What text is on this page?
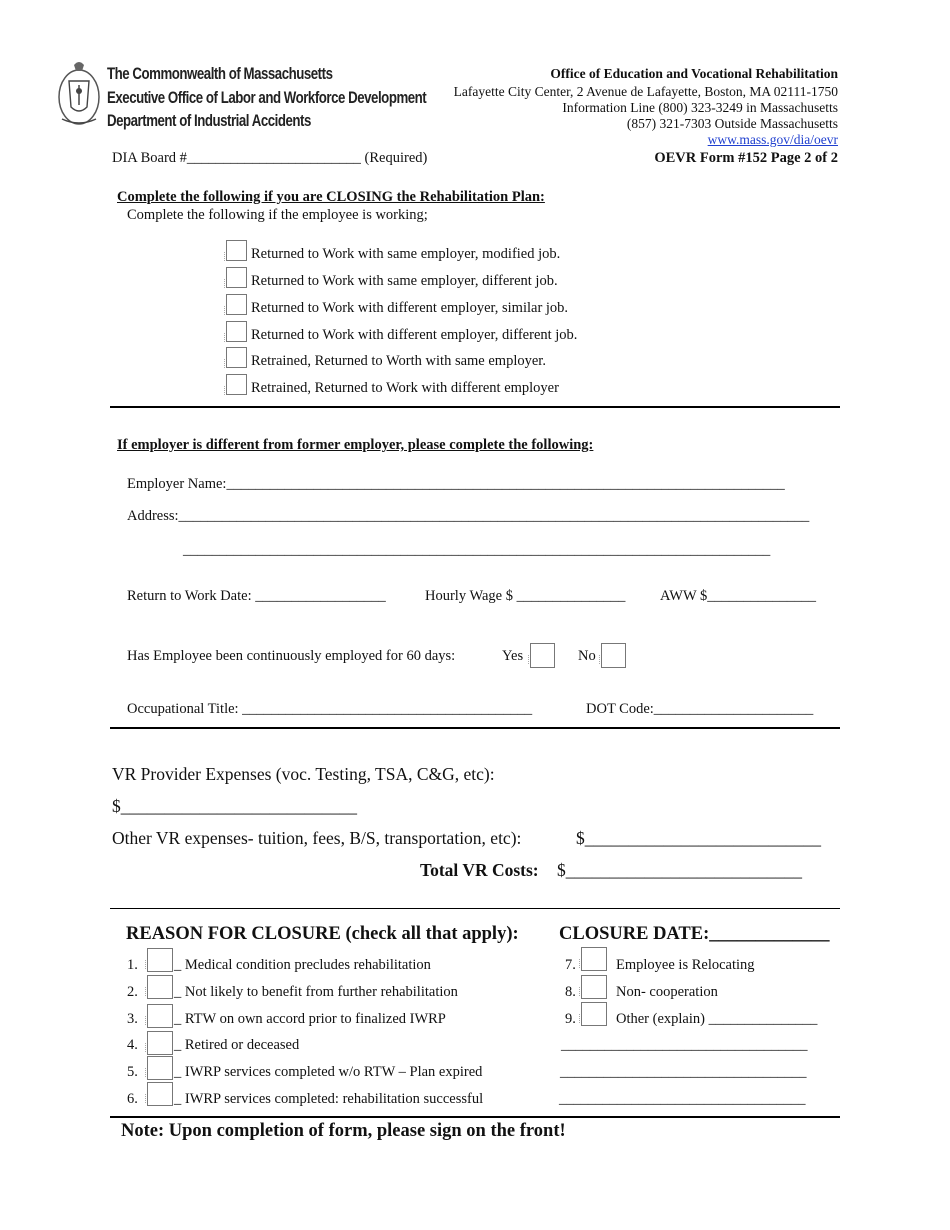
The Commonwealth of Massachusetts
Executive Office of Labor and Workforce Development
Department of Industrial Accidents
Office of Education and Vocational Rehabilitation
Lafayette City Center, 2 Avenue de Lafayette, Boston, MA 02111-1750
Information Line (800) 323-3249 in Massachusetts
(857) 321-7303 Outside Massachusetts
www.mass.gov/dia/oevr
DIA Board #________________________ (Required)	OEVR Form #152 Page 2 of 2
Complete the following if you are CLOSING the Rehabilitation Plan:
Complete the following if the employee is working;
Returned to Work with same employer, modified job.
Returned to Work with same employer, different job.
Returned to Work with different employer, similar job.
Returned to Work with different employer, different job.
Retrained, Returned to Worth with same employer.
Retrained, Returned to Work with different employer
If employer is different from former employer, please complete the following:
Employer Name:_____________________________________________________________________________
Address:_______________________________________________________________________________________
_________________________________________________________________________________
Return to Work Date: __________________	Hourly Wage $ _______________ AWW $_______________
Has Employee been continuously employed for 60 days:	Yes	No
Occupational Title: ________________________________________	DOT Code:______________________
VR Provider Expenses (voc. Testing, TSA, C&G, etc):
$___________________________
Other VR expenses- tuition, fees, B/S, transportation, etc):	$___________________________
Total VR Costs: $___________________________
REASON FOR CLOSURE (check all that apply): CLOSURE DATE:_____________
1. _ Medical condition precludes rehabilitation
2. _ Not likely to benefit from further rehabilitation
3. _ RTW on own accord prior to finalized IWRP
4. _ Retired or deceased
5. _ IWRP services completed w/o RTW – Plan expired
6. _ IWRP services completed: rehabilitation successful
7.	Employee is Relocating
8.	Non- cooperation
9.	Other (explain) _______________
__________________________________
__________________________________
__________________________________
Note: Upon completion of form, please sign on the front!
